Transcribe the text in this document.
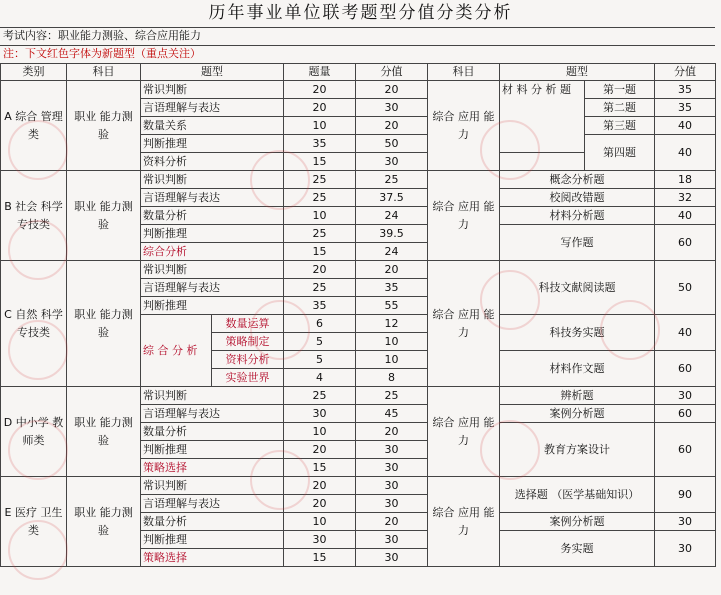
历年事业单位联考题型分值分类分析
考试内容：职业能力测验、综合应用能力
注：下文红色字体为新题型（重点关注）
类别	科目	题型		题量	分值	科目	题型		分值
A 综合 管理类	职业 能力测验	常识判断		20	20	综合 应用 能力	材 料 分 析 题	第一题	35
		言语理解与表达		20	30			第二题	35
		数量关系		10	20			第三题	40
		判断推理		35	50			第四题	40
		资料分析		15	30				
B 社会 科学 专技类	职业 能力测验	常识判断		25	25	综合 应用 能力	概念分析题		18
		言语理解与表达		25	37.5		校阅改错题		32
		数量分析		10	24		材料分析题		40
		判断推理		25	39.5		写作题		60
		综合分析		15	24				
C 自然 科学 专技类	职业 能力测验	常识判断		20	20	综合 应用 能力	科技文献阅读题		50
		言语理解与表达		25	35				
		判断推理		35	55				
		综 合 分 析	数量运算	6	12		科技务实题		40
			策略制定	5	10				
			资料分析	5	10		材料作文题		60
			实验世界	4	8				
D 中小学 教师类	职业 能力测验	常识判断		25	25	综合 应用 能力	辨析题		30
		言语理解与表达		30	45		案例分析题		60
		数量分析		10	20		教育方案设计		60
		判断推理		20	30				
		策略选择		15	30				
E 医疗 卫生类	职业 能力测验	常识判断		20	30	综合 应用 能力	选择题 （医学基础知识）		90
		言语理解与表达		20	30				
		数量分析		10	20		案例分析题		30
		判断推理		30	30		务实题		30
		策略选择		15	30				
